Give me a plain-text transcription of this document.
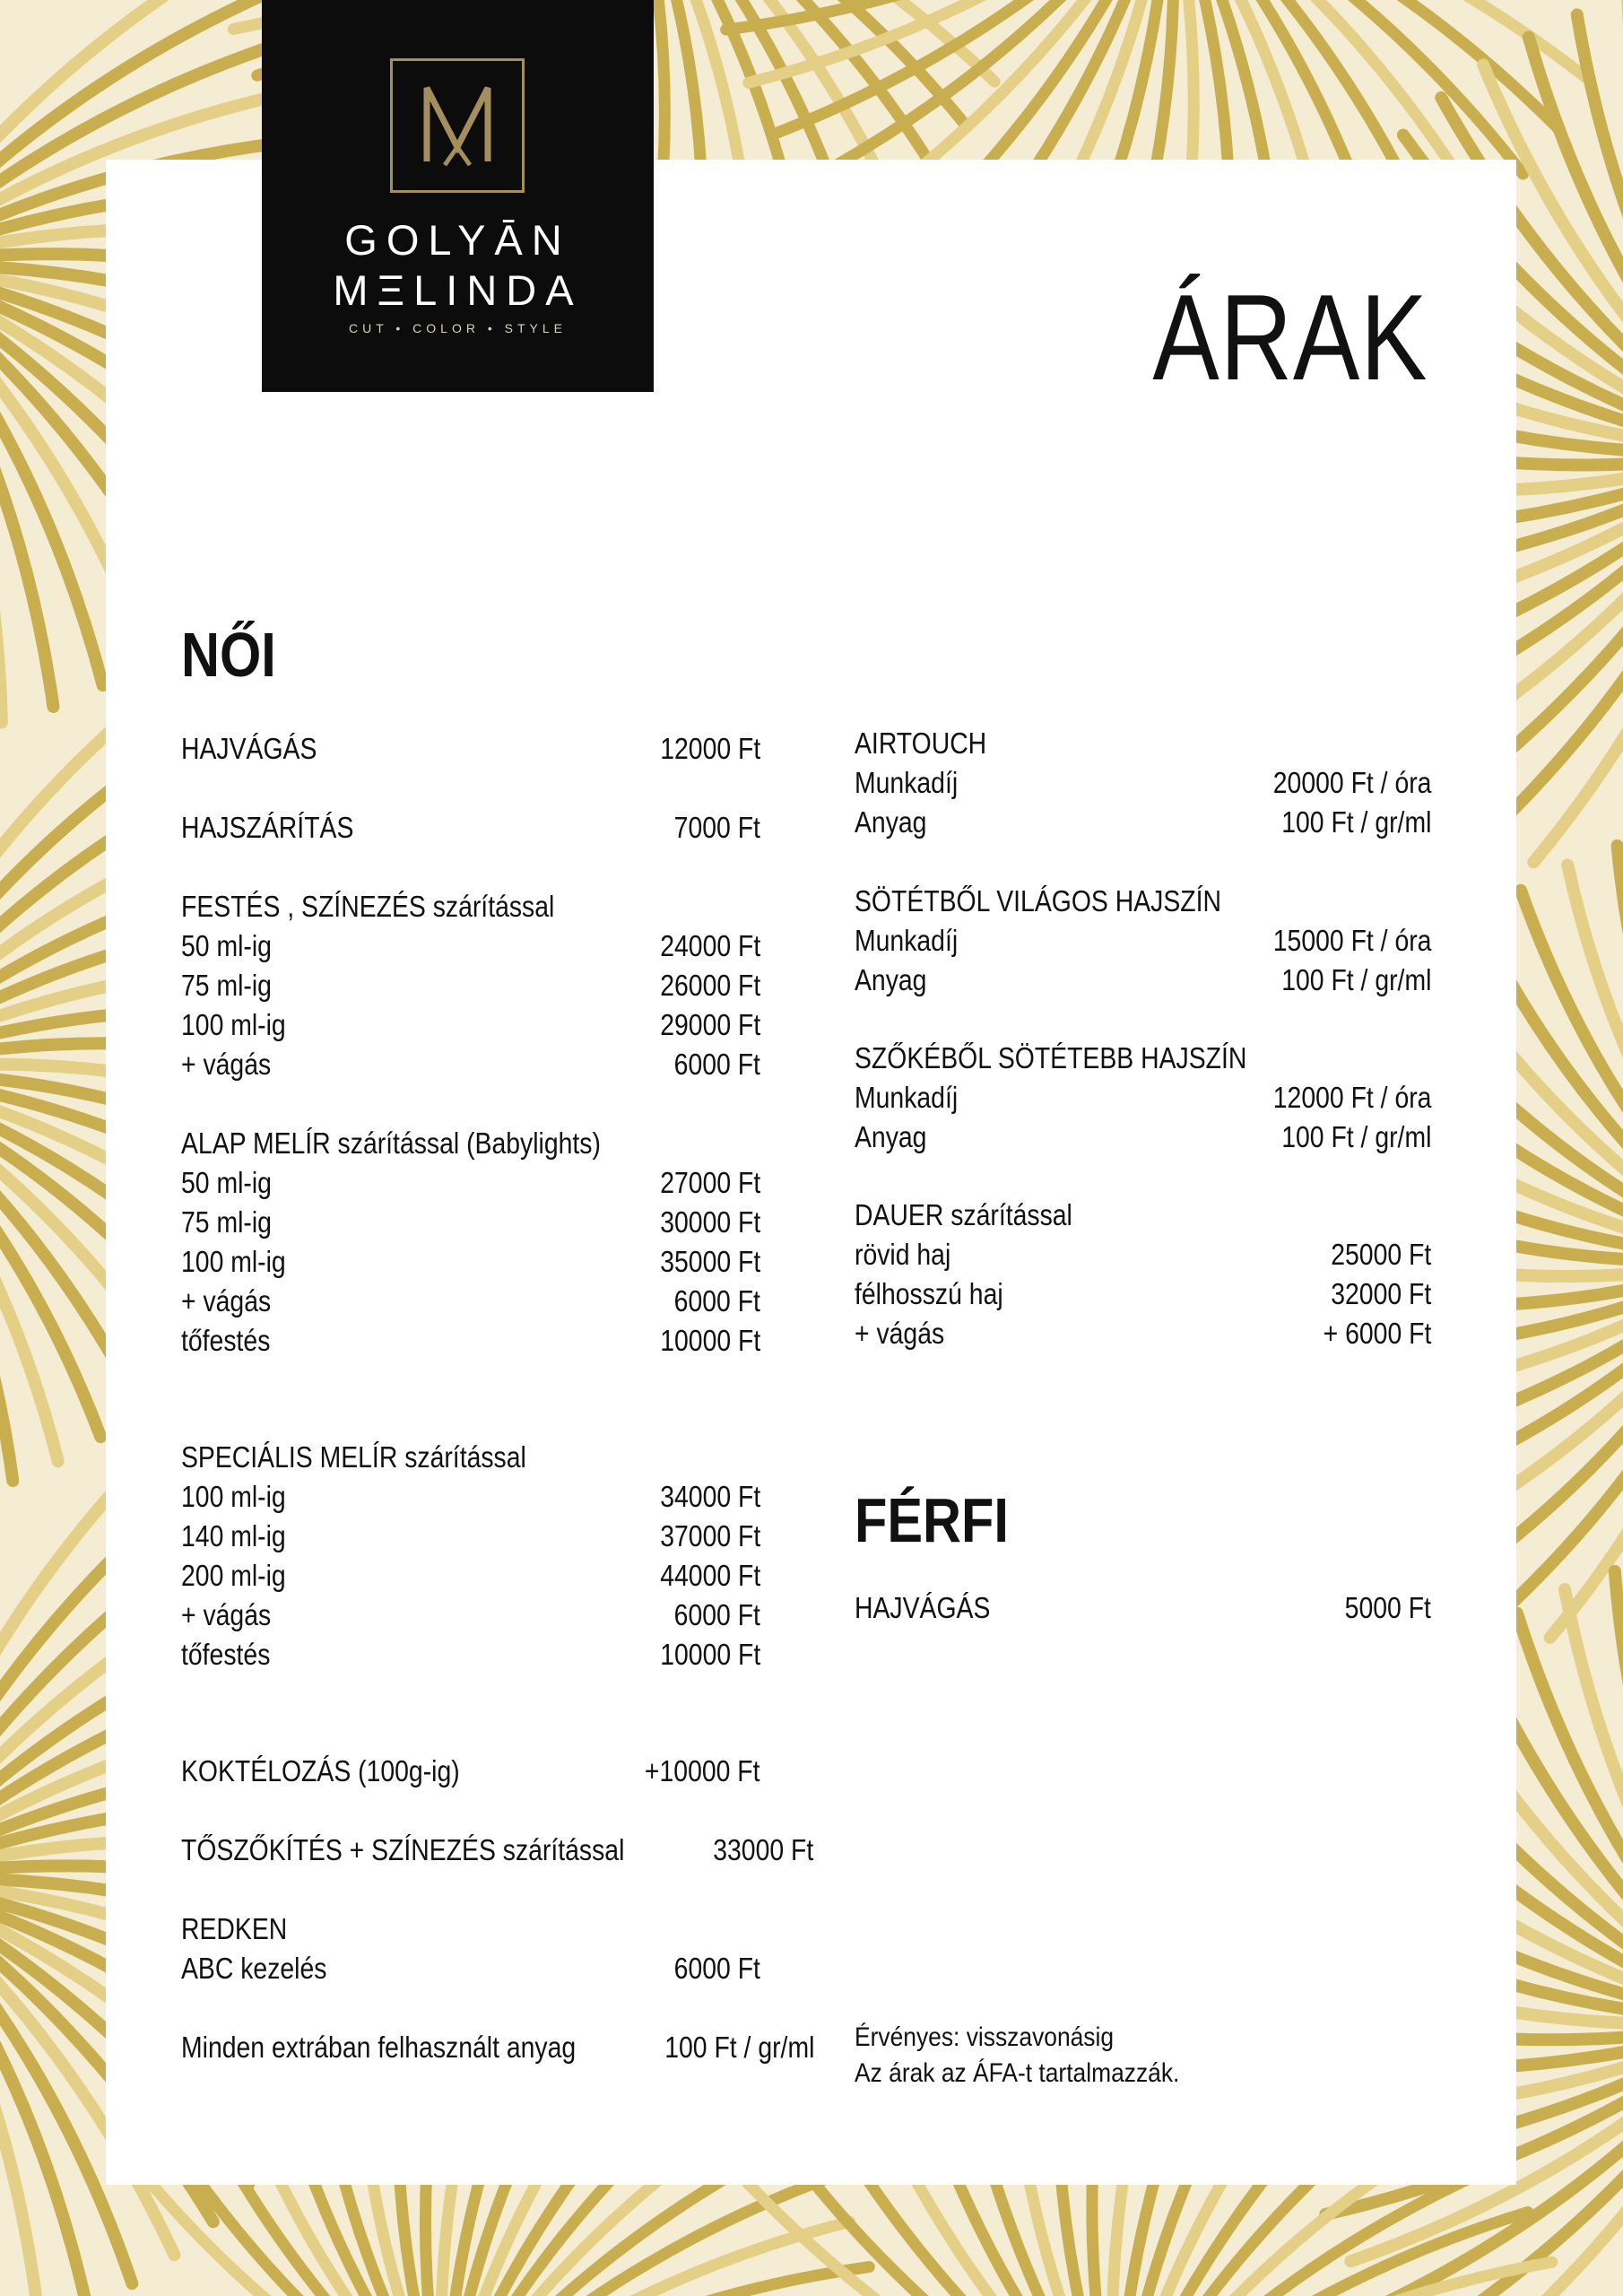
GOLYĀN
MΞLINDA
CUT • COLOR • STYLE	ÁRAK
NŐI
HAJVÁGÁS	12000 Ft
HAJSZÁRÍTÁS	7000 Ft
FESTÉS , SZÍNEZÉS szárítással
50 ml-ig	24000 Ft
75 ml-ig	26000 Ft
100 ml-ig	29000 Ft
+ vágás	6000 Ft
ALAP MELÍR szárítással (Babylights)
50 ml-ig	27000 Ft
75 ml-ig	30000 Ft
100 ml-ig	35000 Ft
+ vágás	6000 Ft
tőfestés	10000 Ft
SPECIÁLIS MELÍR szárítással
100 ml-ig	34000 Ft
140 ml-ig	37000 Ft
200 ml-ig	44000 Ft
+ vágás	6000 Ft
tőfestés	10000 Ft
KOKTÉLOZÁS (100g-ig)	+10000 Ft
TŐSZŐKÍTÉS + SZÍNEZÉS szárítással	33000 Ft
REDKEN
ABC kezelés	6000 Ft
Minden extrában felhasznált anyag	100 Ft / gr/ml
AIRTOUCH
Munkadíj	20000 Ft / óra
Anyag	100 Ft / gr/ml
SÖTÉTBŐL VILÁGOS HAJSZÍN
Munkadíj	15000 Ft / óra
Anyag	100 Ft / gr/ml
SZŐKÉBŐL SÖTÉTEBB HAJSZÍN
Munkadíj	12000 Ft / óra
Anyag	100 Ft / gr/ml
DAUER szárítással
rövid haj	25000 Ft
félhosszú haj	32000 Ft
+ vágás	+ 6000 Ft
FÉRFI
HAJVÁGÁS	5000 Ft
Érvényes: visszavonásig
Az árak az ÁFA-t tartalmazzák.
